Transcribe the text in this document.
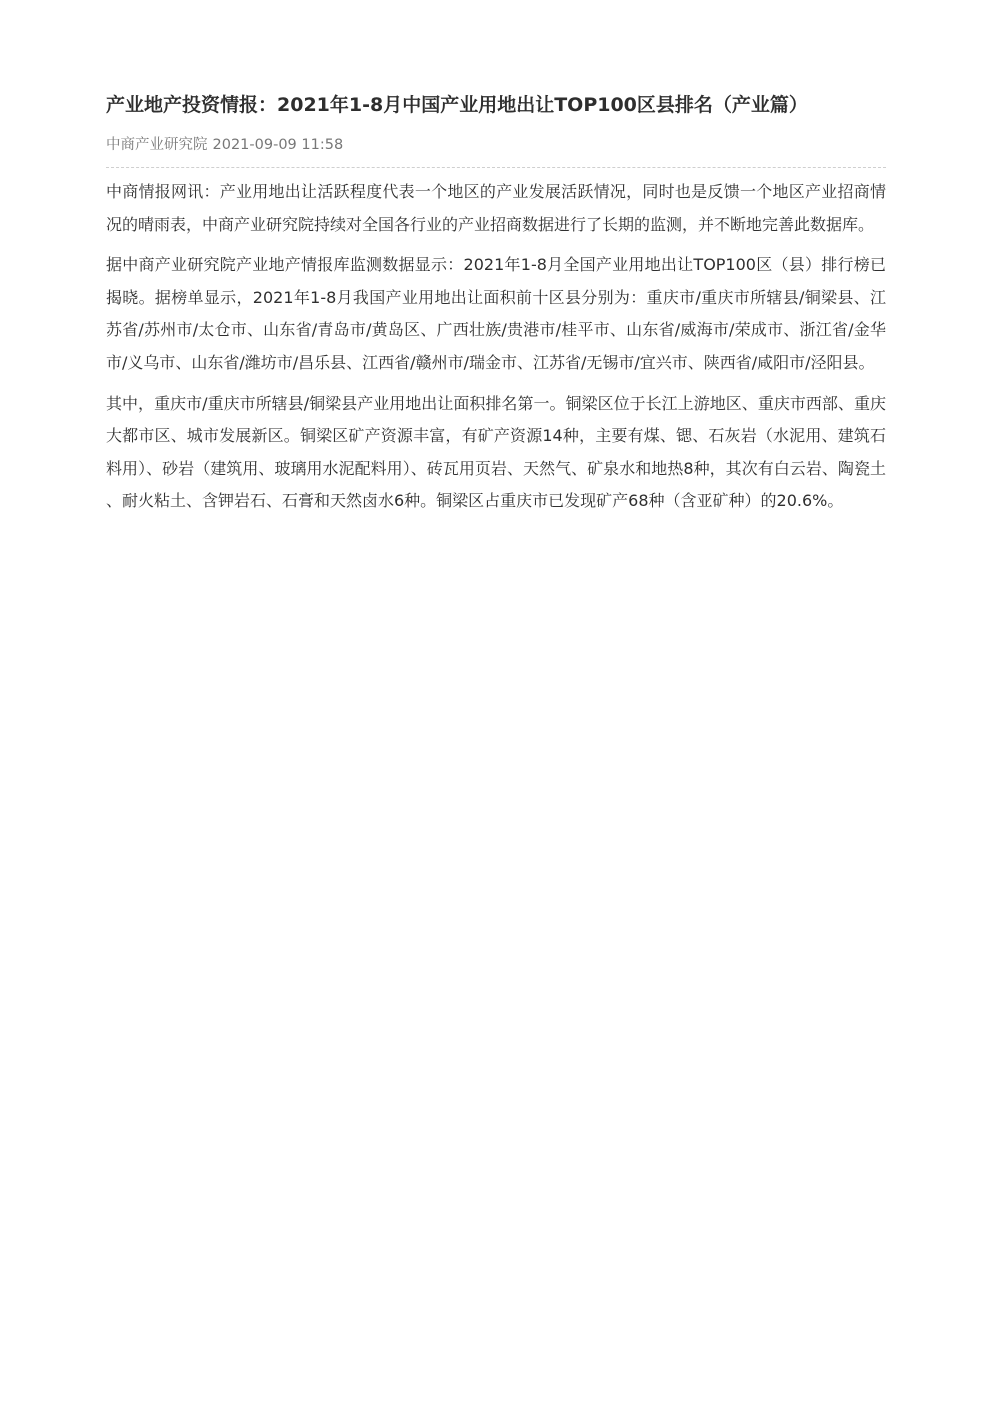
产业地产投资情报：2021年1-8月中国产业用地出让TOP100区县排名（产业篇）
中商产业研究院 2021-09-09 11:58

中商情报网讯：产业用地出让活跃程度代表一个地区的产业发展活跃情况，同时也是反馈一个地区产业招商情况的晴雨表，中商产业研究院持续对全国各行业的产业招商数据进行了长期的监测，并不断地完善此数据库。

据中商产业研究院产业地产情报库监测数据显示：2021年1-8月全国产业用地出让TOP100区（县）排行榜已揭晓。据榜单显示，2021年1-8月我国产业用地出让面积前十区县分别为：重庆市/重庆市所辖县/铜梁县、江苏省/苏州市/太仓市、山东省/青岛市/黄岛区、广西壮族/贵港市/桂平市、山东省/威海市/荣成市、浙江省/金华市/义乌市、山东省/潍坊市/昌乐县、江西省/赣州市/瑞金市、江苏省/无锡市/宜兴市、陕西省/咸阳市/泾阳县。

其中，重庆市/重庆市所辖县/铜梁县产业用地出让面积排名第一。铜梁区位于长江上游地区、重庆市西部、重庆大都市区、城市发展新区。铜梁区矿产资源丰富，有矿产资源14种，主要有煤、锶、石灰岩（水泥用、建筑石料用）、砂岩（建筑用、玻璃用水泥配料用）、砖瓦用页岩、天然气、矿泉水和地热8种，其次有白云岩、陶瓷土、耐火粘土、含钾岩石、石膏和天然卤水6种。铜梁区占重庆市已发现矿产68种（含亚矿种）的20.6%。
